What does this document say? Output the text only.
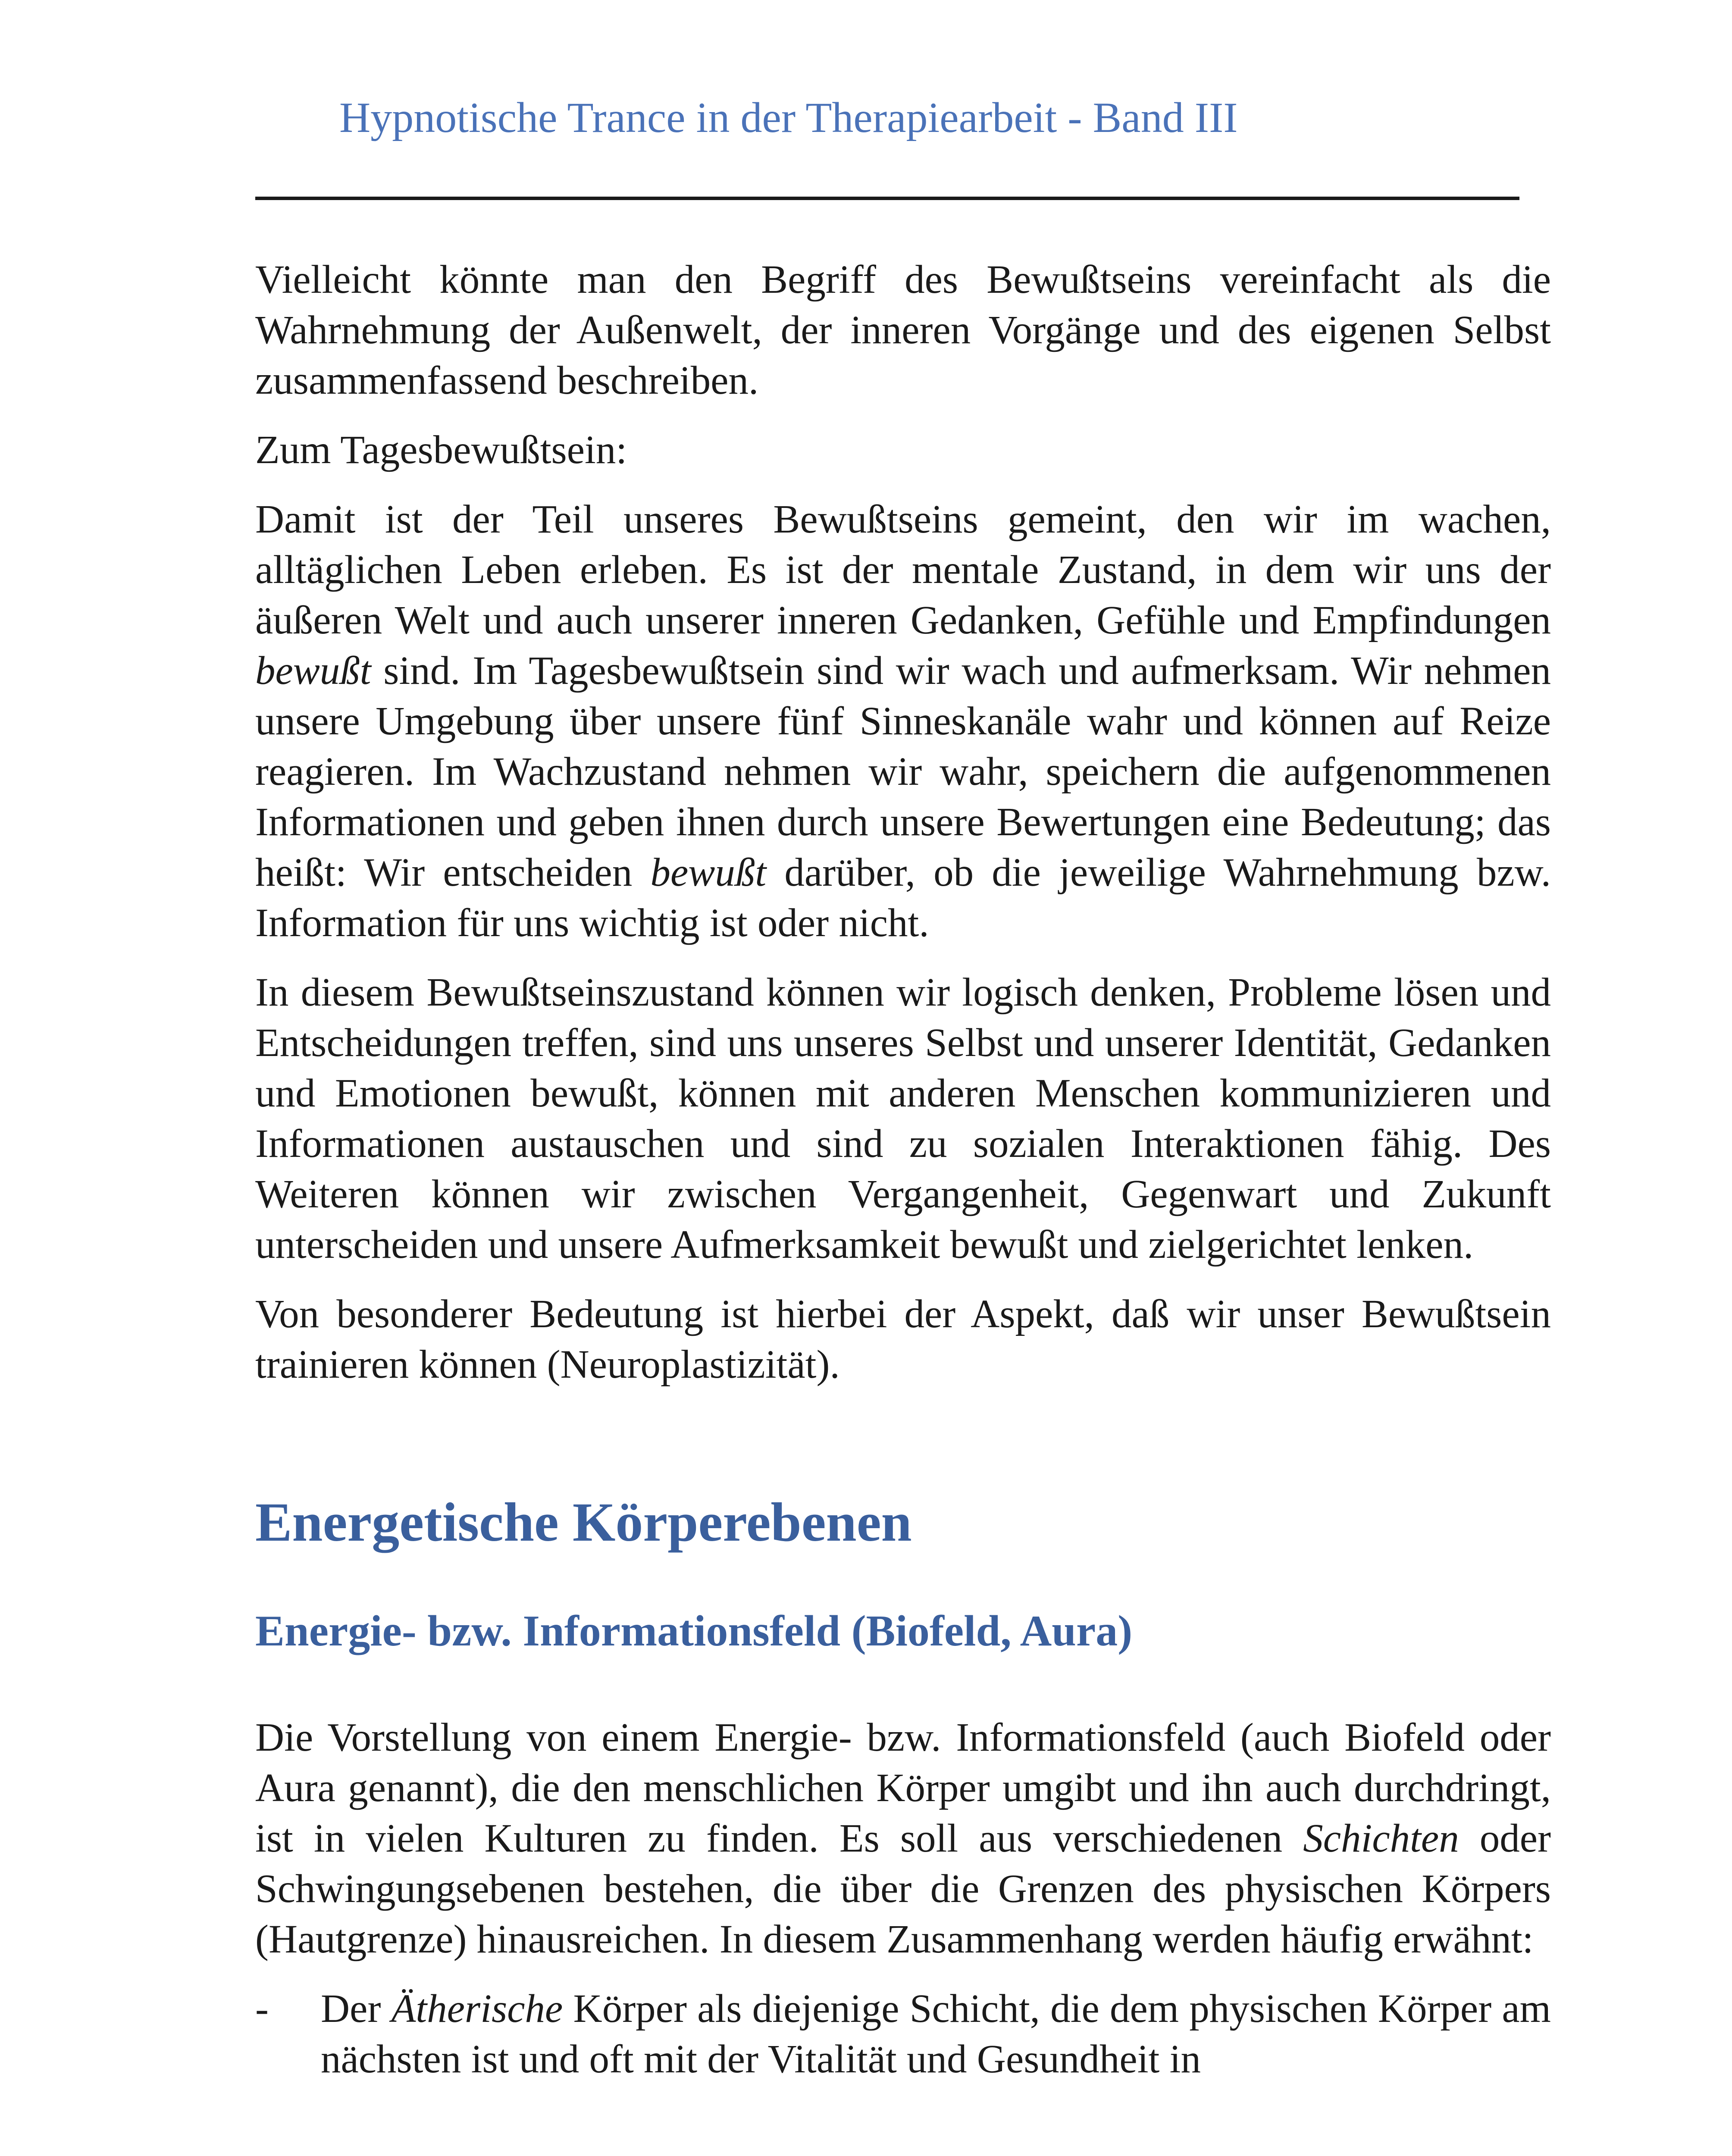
Hypnotische Trance in der Therapiearbeit - Band III

Vielleicht könnte man den Begriff des Bewußtseins vereinfacht als die Wahrnehmung der Außenwelt, der inneren Vorgänge und des eigenen Selbst zusammenfassend beschreiben.

Zum Tagesbewußtsein:

Damit ist der Teil unseres Bewußtseins gemeint, den wir im wachen, alltäglichen Leben erleben. Es ist der mentale Zustand, in dem wir uns der äußeren Welt und auch unserer inneren Gedanken, Gefühle und Empfindungen bewußt sind. Im Tagesbewußtsein sind wir wach und aufmerksam. Wir nehmen unsere Umgebung über unsere fünf Sinneskanäle wahr und können auf Reize reagieren. Im Wachzustand nehmen wir wahr, speichern die aufgenommenen Informationen und geben ihnen durch unsere Bewertungen eine Bedeutung; das heißt: Wir entscheiden bewußt darüber, ob die jeweilige Wahrnehmung bzw. Information für uns wichtig ist oder nicht.

In diesem Bewußtseinszustand können wir logisch denken, Probleme lösen und Entscheidungen treffen, sind uns unseres Selbst und unserer Identität, Gedanken und Emotionen bewußt, können mit anderen Menschen kommunizieren und Informationen austauschen und sind zu sozialen Interaktionen fähig. Des Weiteren können wir zwischen Vergangenheit, Gegenwart und Zukunft unterscheiden und unsere Aufmerksamkeit bewußt und zielgerichtet lenken.

Von besonderer Bedeutung ist hierbei der Aspekt, daß wir unser Bewußtsein trainieren können (Neuroplastizität).

Energetische Körperebenen
Energie- bzw. Informationsfeld (Biofeld, Aura)

Die Vorstellung von einem Energie- bzw. Informationsfeld (auch Biofeld oder Aura genannt), die den menschlichen Körper umgibt und ihn auch durchdringt, ist in vielen Kulturen zu finden. Es soll aus verschiedenen Schichten oder Schwingungsebenen bestehen, die über die Grenzen des physischen Körpers (Hautgrenze) hinausreichen. In diesem Zusammenhang werden häufig erwähnt:

- Der Ätherische Körper als diejenige Schicht, die dem physischen Körper am nächsten ist und oft mit der Vitalität und Gesundheit in
